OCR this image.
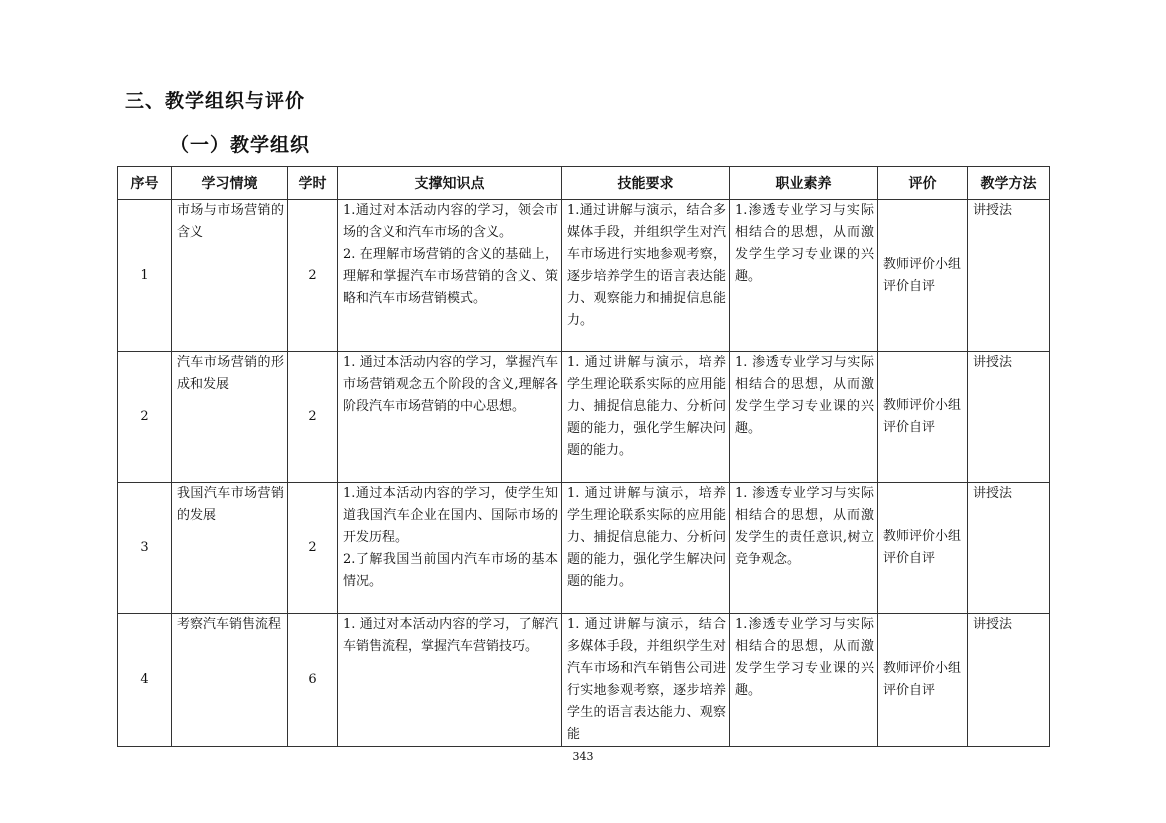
三、教学组织与评价
（一）教学组织
序号	学习情境	学时	支撑知识点	技能要求	职业素养	评价	教学方法
1	市场与市场营销的含义	2	1.通过对本活动内容的学习，领会市场的含义和汽车市场的含义。
2. 在理解市场营销的含义的基础上，理解和掌握汽车市场营销的含义、策略和汽车市场营销模式。	1.通过讲解与演示，结合多媒体手段，并组织学生对汽车市场进行实地参观考察，逐步培养学生的语言表达能力、观察能力和捕捉信息能力。	1.渗透专业学习与实际相结合的思想，从而激发学生学习专业课的兴趣。	教师评价小组评价自评	讲授法
2	汽车市场营销的形成和发展	2	1. 通过本活动内容的学习，掌握汽车市场营销观念五个阶段的含义,理解各阶段汽车市场营销的中心思想。	1. 通过讲解与演示，培养学生理论联系实际的应用能力、捕捉信息能力、分析问题的能力，强化学生解决问题的能力。	1. 渗透专业学习与实际相结合的思想，从而激发学生学习专业课的兴趣。	教师评价小组评价自评	讲授法
3	我国汽车市场营销的发展	2	1.通过本活动内容的学习，使学生知道我国汽车企业在国内、国际市场的开发历程。
2.了解我国当前国内汽车市场的基本情况。	1. 通过讲解与演示，培养学生理论联系实际的应用能力、捕捉信息能力、分析问题的能力，强化学生解决问题的能力。	1. 渗透专业学习与实际相结合的思想，从而激发学生的责任意识,树立竞争观念。	教师评价小组评价自评	讲授法
4	考察汽车销售流程	6	1. 通过对本活动内容的学习，了解汽车销售流程，掌握汽车营销技巧。	1. 通过讲解与演示，结合多媒体手段，并组织学生对汽车市场和汽车销售公司进行实地参观考察，逐步培养学生的语言表达能力、观察能	1.渗透专业学习与实际相结合的思想，从而激发学生学习专业课的兴趣。	教师评价小组评价自评	讲授法
343
